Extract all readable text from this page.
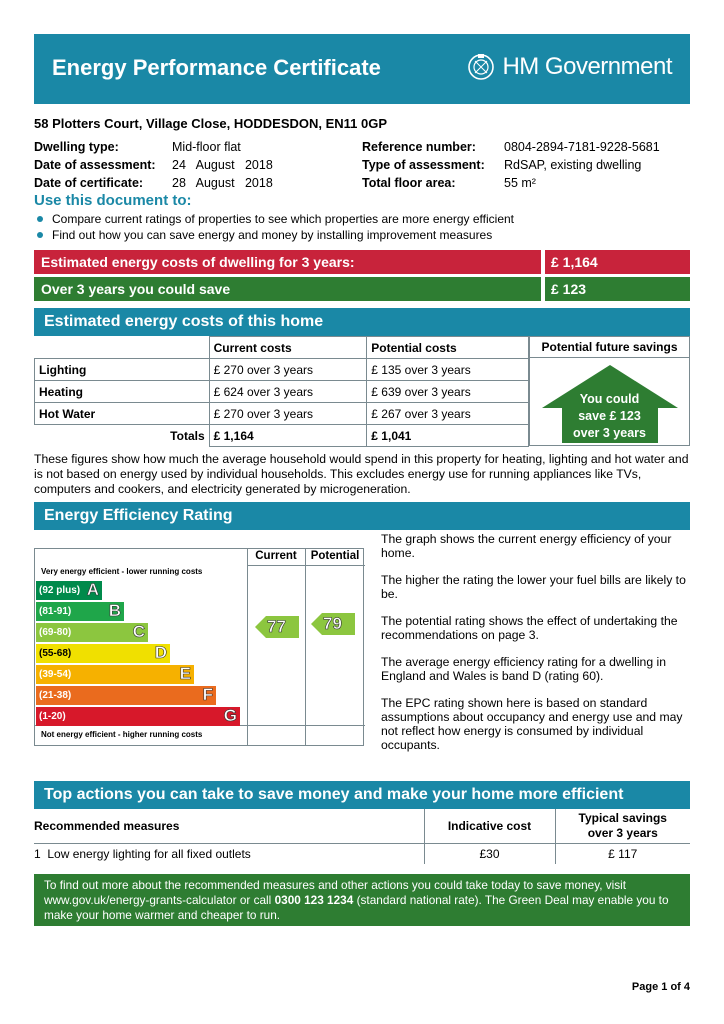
Energy Performance Certificate	HM Government
58 Plotters Court, Village Close, HODDESDON, EN11 0GP
Dwelling type:	Mid-floor flat
Date of assessment:	24   August   2018
Date of certificate:	28   August   2018
Reference number:	0804-2894-7181-9228-5681
Type of assessment:	RdSAP, existing dwelling
Total floor area:	55 m²
Use this document to:
Compare current ratings of properties to see which properties are more energy efficient
Find out how you can save energy and money by installing improvement measures
Estimated energy costs of dwelling for 3 years:	£ 1,164
Over 3 years you could save	£ 123
Estimated energy costs of this home
	Current costs	Potential costs
Lighting	£ 270 over 3 years	£ 135 over 3 years
Heating	£ 624 over 3 years	£ 639 over 3 years
Hot Water	£ 270 over 3 years	£ 267 over 3 years
Totals	£ 1,164	£ 1,041
Potential future savings
You could
save £ 123
over 3 years
These figures show how much the average household would spend in this property for heating, lighting and hot water and is not based on energy used by individual households. This excludes energy use for running appliances like TVs, computers and cookers, and electricity generated by microgeneration.
Energy Efficiency Rating
Current	Potential
Very energy efficient - lower running costs
Not energy efficient - higher running costs
(92 plus) A
(81-91) B
(69-80)	C
(55-68)	D
(39-54)	E
(21-38)	F
(1-20)	G
77 79

The graph shows the current energy efficiency of your home.

The higher the rating the lower your fuel bills are likely to be.

The potential rating shows the effect of undertaking the recommendations on page 3.

The average energy efficiency rating for a dwelling in England and Wales is band D (rating 60).

The EPC rating shown here is based on standard assumptions about occupancy and energy use and may not reflect how energy is consumed by individual occupants.

Top actions you can take to save money and make your home more efficient
Recommended measures	Indicative cost	Typical savings
over 3 years

1 Low energy lighting for all fixed outlets	£30	£ 117
To find out more about the recommended measures and other actions you could take today to save money, visit www.gov.uk/energy-grants-calculator or call 0300 123 1234 (standard national rate). The Green Deal may enable you to make your home warmer and cheaper to run.
Page 1 of 4
